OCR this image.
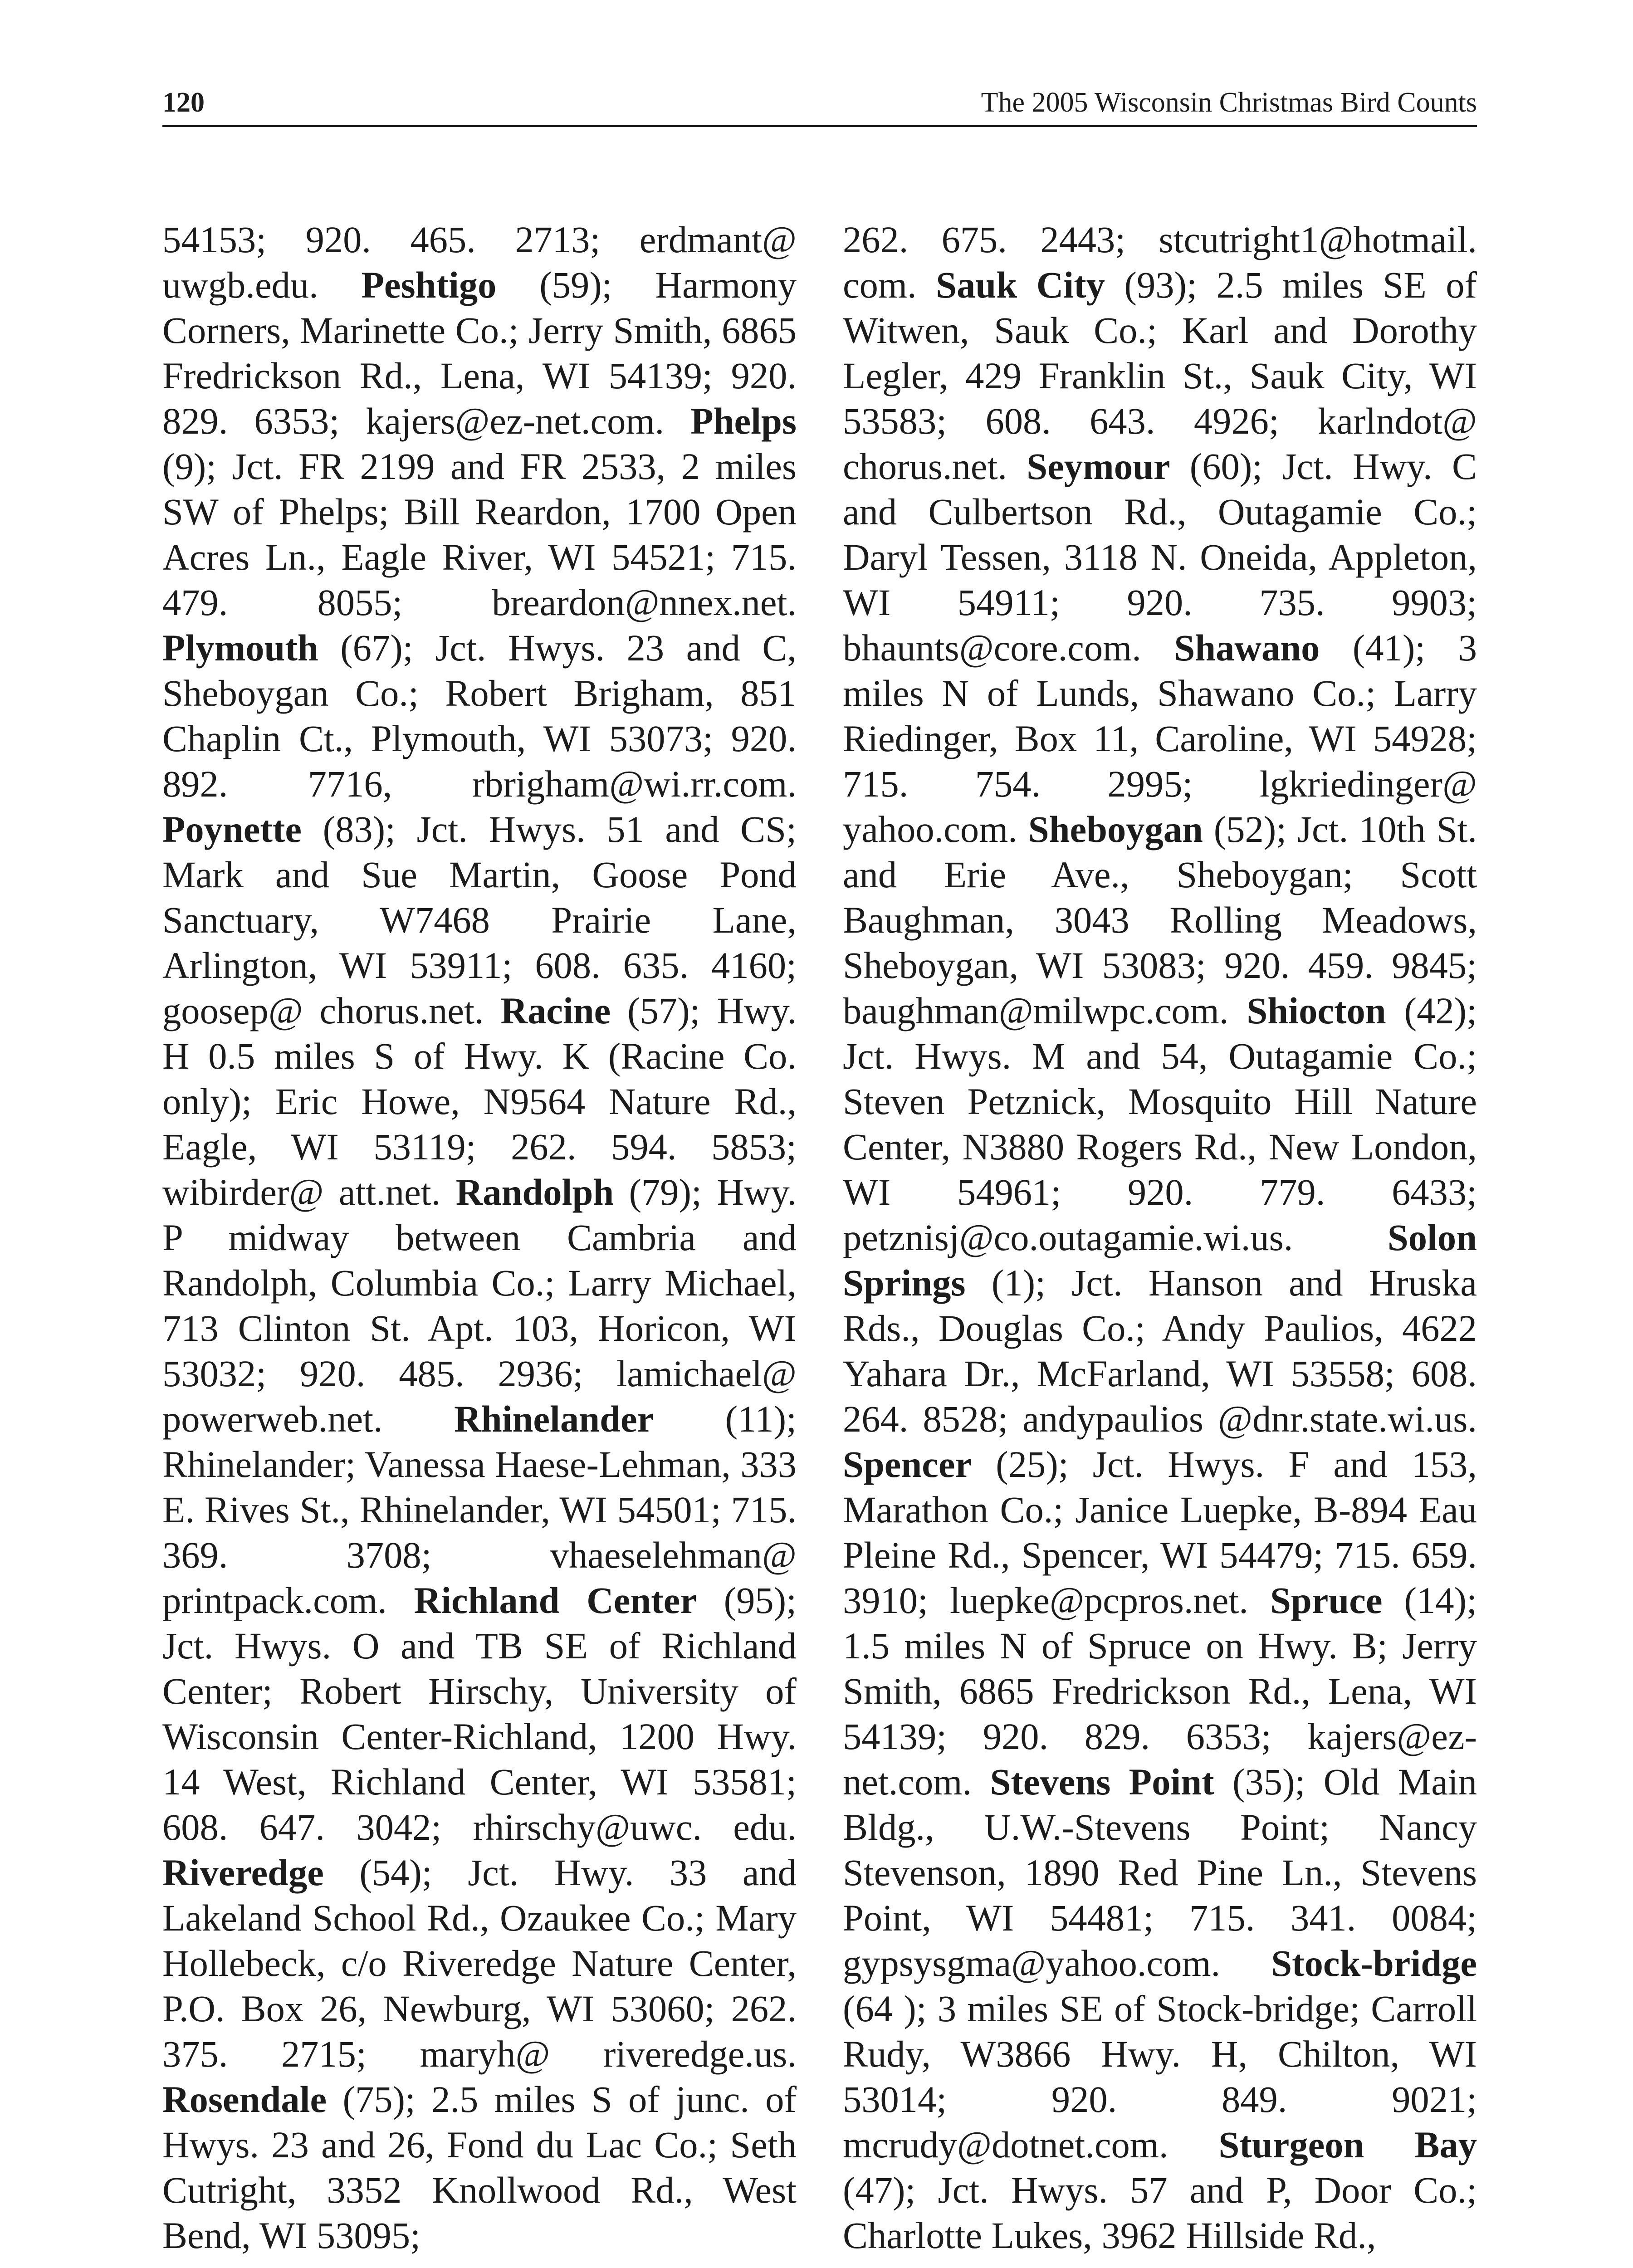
120	The 2005 Wisconsin Christmas Bird Counts
54153; 920. 465. 2713; erdmant@ uwgb.edu. Peshtigo (59); Harmony Corners, Marinette Co.; Jerry Smith, 6865 Fredrickson Rd., Lena, WI 54139; 920. 829. 6353; kajers@ez-net.com. Phelps (9); Jct. FR 2199 and FR 2533, 2 miles SW of Phelps; Bill Reardon, 1700 Open Acres Ln., Eagle River, WI 54521; 715. 479. 8055; breardon@nnex.net. Plymouth (67); Jct. Hwys. 23 and C, Sheboygan Co.; Robert Brigham, 851 Chaplin Ct., Plymouth, WI 53073; 920. 892. 7716, rbrigham@wi.rr.com. Poynette (83); Jct. Hwys. 51 and CS; Mark and Sue Martin, Goose Pond Sanctuary, W7468 Prairie Lane, Arlington, WI 53911; 608. 635. 4160; goosep@ chorus.net. Racine (57); Hwy. H 0.5 miles S of Hwy. K (Racine Co. only); Eric Howe, N9564 Nature Rd., Eagle, WI 53119; 262. 594. 5853; wibirder@ att.net. Randolph (79); Hwy. P midway between Cambria and Randolph, Columbia Co.; Larry Michael, 713 Clinton St. Apt. 103, Horicon, WI 53032; 920. 485. 2936; lamichael@ powerweb.net. Rhinelander (11); Rhinelander; Vanessa Haese-Lehman, 333 E. Rives St., Rhinelander, WI 54501; 715. 369. 3708; vhaeselehman@ printpack.com. Richland Center (95); Jct. Hwys. O and TB SE of Richland Center; Robert Hirschy, University of Wisconsin Center-Richland, 1200 Hwy. 14 West, Richland Center, WI 53581; 608. 647. 3042; rhirschy@uwc. edu. Riveredge (54); Jct. Hwy. 33 and Lakeland School Rd., Ozaukee Co.; Mary Hollebeck, c/o Riveredge Nature Center, P.O. Box 26, Newburg, WI 53060; 262. 375. 2715; maryh@ riveredge.us. Rosendale (75); 2.5 miles S of junc. of Hwys. 23 and 26, Fond du Lac Co.; Seth Cutright, 3352 Knollwood Rd., West Bend, WI 53095;
262. 675. 2443; stcutright1@hotmail. com. Sauk City (93); 2.5 miles SE of Witwen, Sauk Co.; Karl and Dorothy Legler, 429 Franklin St., Sauk City, WI 53583; 608. 643. 4926; karlndot@ chorus.net. Seymour (60); Jct. Hwy. C and Culbertson Rd., Outagamie Co.; Daryl Tessen, 3118 N. Oneida, Appleton, WI 54911; 920. 735. 9903; bhaunts@core.com. Shawano (41); 3 miles N of Lunds, Shawano Co.; Larry Riedinger, Box 11, Caroline, WI 54928; 715. 754. 2995; lgkriedinger@ yahoo.com. Sheboygan (52); Jct. 10th St. and Erie Ave., Sheboygan; Scott Baughman, 3043 Rolling Meadows, Sheboygan, WI 53083; 920. 459. 9845; baughman@milwpc.com. Shiocton (42); Jct. Hwys. M and 54, Outagamie Co.; Steven Petznick, Mosquito Hill Nature Center, N3880 Rogers Rd., New London, WI 54961; 920. 779. 6433; petznisj@co.outagamie.wi.us. Solon Springs (1); Jct. Hanson and Hruska Rds., Douglas Co.; Andy Paulios, 4622 Yahara Dr., McFarland, WI 53558; 608. 264. 8528; andypaulios @dnr.state.wi.us. Spencer (25); Jct. Hwys. F and 153, Marathon Co.; Janice Luepke, B-894 Eau Pleine Rd., Spencer, WI 54479; 715. 659. 3910; luepke@pcpros.net. Spruce (14); 1.5 miles N of Spruce on Hwy. B; Jerry Smith, 6865 Fredrickson Rd., Lena, WI 54139; 920. 829. 6353; kajers@ez-net.com. Stevens Point (35); Old Main Bldg., U.W.-Stevens Point; Nancy Stevenson, 1890 Red Pine Ln., Stevens Point, WI 54481; 715. 341. 0084; gypsysgma@yahoo.com. Stock-bridge (64 ); 3 miles SE of Stock-bridge; Carroll Rudy, W3866 Hwy. H, Chilton, WI 53014; 920. 849. 9021; mcrudy@dotnet.com. Sturgeon Bay (47); Jct. Hwys. 57 and P, Door Co.; Charlotte Lukes, 3962 Hillside Rd.,
